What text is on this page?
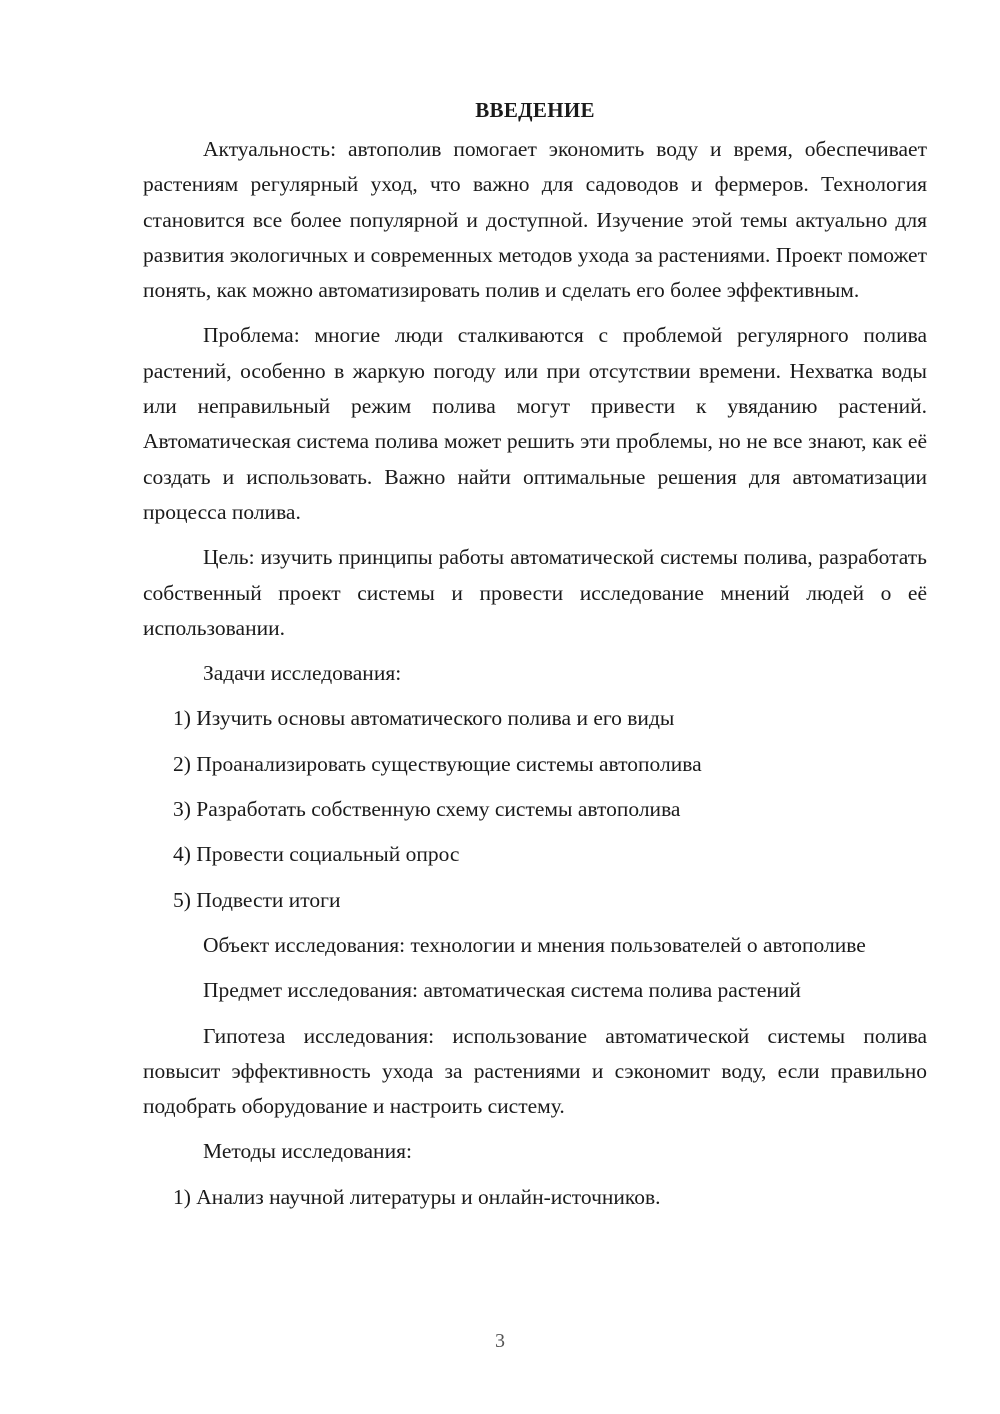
ВВЕДЕНИЕ

Актуальность: автополив помогает экономить воду и время, обеспечивает растениям регулярный уход, что важно для садоводов и фермеров. Технология становится все более популярной и доступной. Изучение этой темы актуально для развития экологичных и современных методов ухода за растениями. Проект поможет понять, как можно автоматизировать полив и сделать его более эффективным.

Проблема: многие люди сталкиваются с проблемой регулярного полива растений, особенно в жаркую погоду или при отсутствии времени. Нехватка воды или неправильный режим полива могут привести к увяданию растений. Автоматическая система полива может решить эти проблемы, но не все знают, как её создать и использовать. Важно найти оптимальные решения для автоматизации процесса полива.

Цель: изучить принципы работы автоматической системы полива, разработать собственный проект системы и провести исследование мнений людей о её использовании.

Задачи исследования:

1) Изучить основы автоматического полива и его виды
2) Проанализировать существующие системы автополива
3) Разработать собственную схему системы автополива
4) Провести социальный опрос
5) Подвести итоги

Объект исследования: технологии и мнения пользователей о автополиве

Предмет исследования: автоматическая система полива растений

Гипотеза исследования: использование автоматической системы полива повысит эффективность ухода за растениями и сэкономит воду, если правильно подобрать оборудование и настроить систему.

Методы исследования:

1) Анализ научной литературы и онлайн-источников.
3
